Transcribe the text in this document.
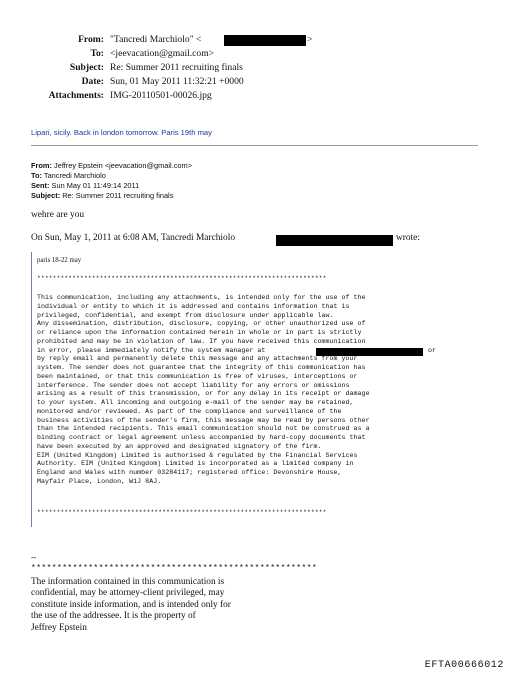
From: "Tancredi Marchiolo" <	>
To: <jeevacation@gmail.com>
Subject: Re: Summer 2011 recruiting finals
Date: Sun, 01 May 2011 11:32:21 +0000
Attachments: IMG-20110501-00026.jpg
Lipari, sicily. Back in london tomorrow. Paris 19th may
From: Jeffrey Epstein <jeevacation@gmail.com>
To: Tancredi Marchiolo
Sent: Sun May 01 11:49:14 2011
Subject: Re: Summer 2011 recruiting finals
wehre are you
On Sun, May 1, 2011 at 6:08 AM, Tancredi Marchiolo	wrote:
paris 18-22 may
**************************************************************************
This communication, including any attachments, is intended only for the use of the
individual or entity to which it is addressed and contains information that is
privileged, confidential, and exempt from disclosure under applicable law.
Any dissemination, distribution, disclosure, copying, or other unauthorized use of
or reliance upon the information contained herein in whole or in part is strictly
prohibited and may be in violation of law. If you have received this communication
in error, please immediately notify the system manager at	or
by reply email and permanently delete this message and any attachments from your
system. The sender does not guarantee that the integrity of this communication has
been maintained, or that this communication is free of viruses, interceptions or
interference. The sender does not accept liability for any errors or omissions
arising as a result of this transmission, or for any delay in its receipt or damage
to your system. All incoming and outgoing e-mail of the sender may be retained,
monitored and/or reviewed. As part of the compliance and surveillance of the
business activities of the sender's firm, this message may be read by persons other
than the intended recipients. This email communication should not be construed as a
binding contract or legal agreement unless accompanied by hard-copy documents that
have been executed by an approved and designated signatory of the firm.
EIM (United Kingdom) Limited is authorised & regulated by the Financial Services
Authority. EIM (United Kingdom) Limited is incorporated as a limited company in
England and Wales with number 03284117; registered office: Devonshire House,
Mayfair Place, London, W1J 8AJ.
**************************************************************************
--
*******************************************************
The information contained in this communication is
confidential, may be attorney-client privileged, may
constitute inside information, and is intended only for
the use of the addressee. It is the property of
Jeffrey Epstein
EFTA00666012
